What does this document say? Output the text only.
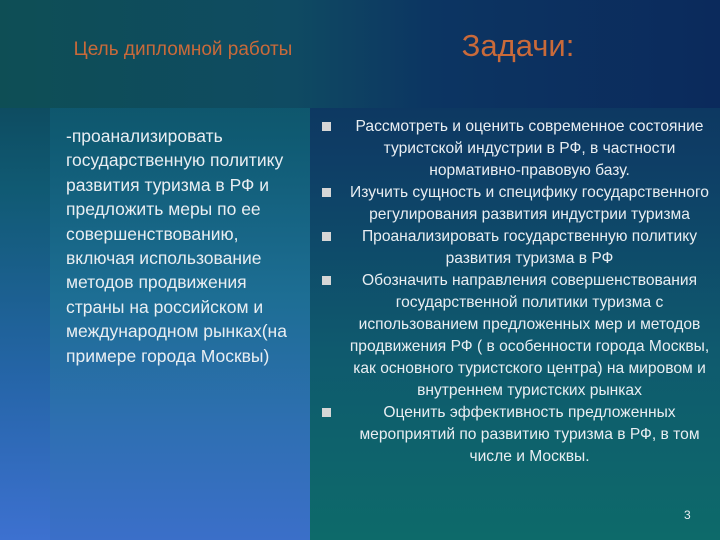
Цель дипломной работы	Задачи:
-проанализировать государственную политику развития туризма в РФ и предложить меры по ее совершенствованию, включая использование методов продвижения страны на российском и международном рынках(на примере города Москвы)
Рассмотреть и оценить современное состояние туристской индустрии в РФ, в частности нормативно-правовую базу.
Изучить сущность и специфику государственного регулирования развития индустрии туризма
Проанализировать государственную политику развития туризма в РФ
Обозначить направления совершенствования государственной политики туризма с использованием предложенных мер и методов продвижения РФ ( в особенности города Москвы, как основного туристского центра) на мировом и внутреннем туристских рынках
Оценить эффективность предложенных мероприятий по развитию туризма в РФ, в том числе и Москвы.
3
